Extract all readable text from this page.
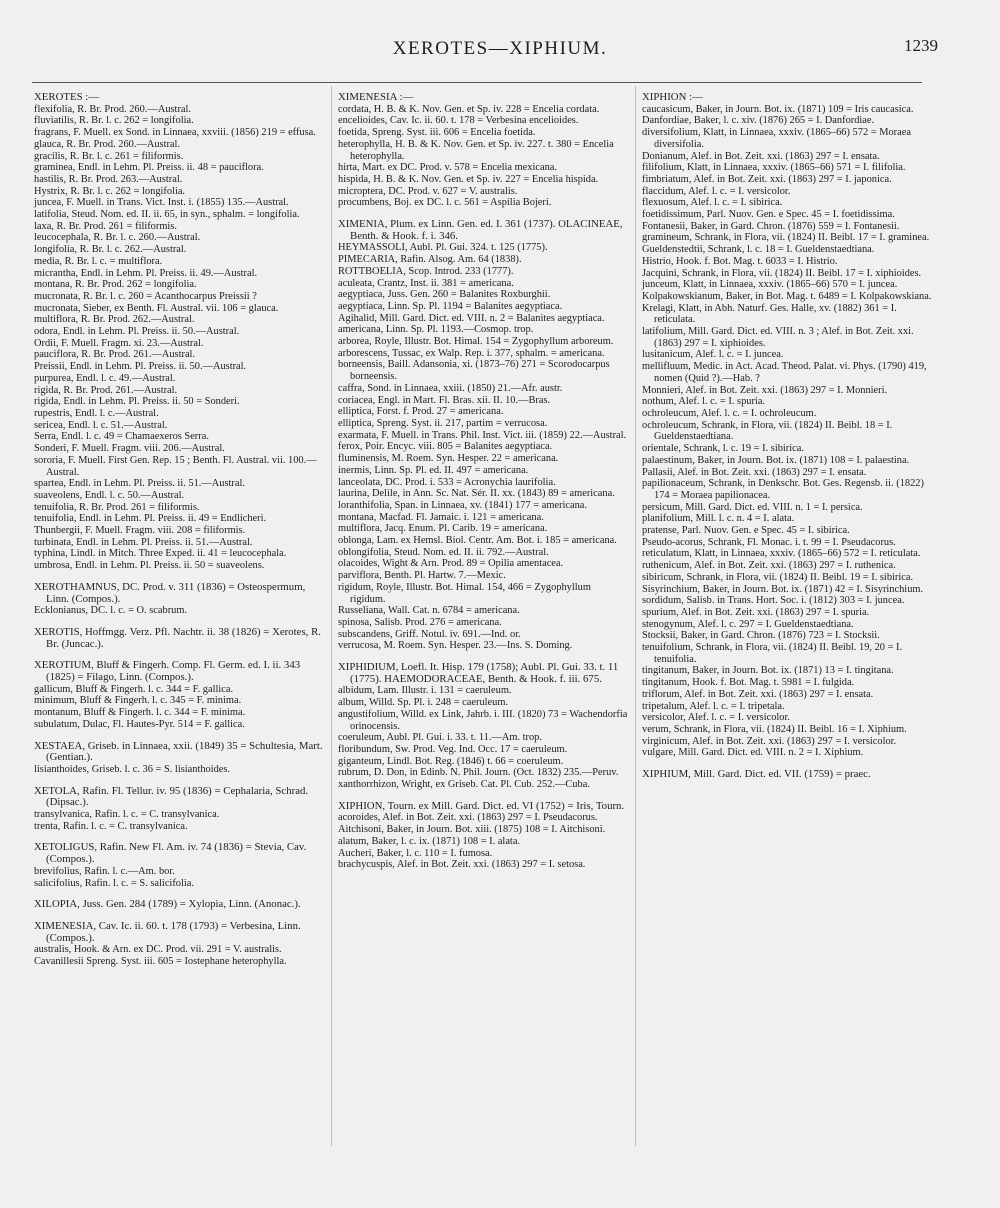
XEROTES—XIPHIUM.	1239

XEROTES :—

flexifolia, R. Br. Prod. 260.—Austral.

fluviatilis, R. Br. l. c. 262 = longifolia.

fragrans, F. Muell. ex Sond. in Linnaea, xxviii. (1856) 219 = effusa.

glauca, R. Br. Prod. 260.—Austral.

gracilis, R. Br. l. c. 261 = filiformis.

graminea, Endl. in Lehm. Pl. Preiss. ii. 48 = pauciflora.

hastilis, R. Br. Prod. 263.—Austral.

Hystrix, R. Br. l. c. 262 = longifolia.

juncea, F. Muell. in Trans. Vict. Inst. i. (1855) 135.—Austral.

latifolia, Steud. Nom. ed. II. ii. 65, in syn., sphalm. = longifolia.

laxa, R. Br. Prod. 261 = filiformis.

leucocephala, R. Br. l. c. 260.—Austral.

longifolia, R. Br. l. c. 262.—Austral.

media, R. Br. l. c. = multiflora.

micrantha, Endl. in Lehm. Pl. Preiss. ii. 49.—Austral.

montana, R. Br. Prod. 262 = longifolia.

mucronata, R. Br. l. c. 260 = Acanthocarpus Preissii ?

mucronata, Sieber, ex Benth. Fl. Austral. vii. 106 = glauca.

multiflora, R. Br. Prod. 262.—Austral.

odora, Endl. in Lehm. Pl. Preiss. ii. 50.—Austral.

Ordii, F. Muell. Fragm. xi. 23.—Austral.

pauciflora, R. Br. Prod. 261.—Austral.

Preissii, Endl. in Lehm. Pl. Preiss. ii. 50.—Austral.

purpurea, Endl. l. c. 49.—Austral.

rigida, R. Br. Prod. 261.—Austral.

rigida, Endl. in Lehm. Pl. Preiss. ii. 50 = Sonderi.

rupestris, Endl. l. c.—Austral.

sericea, Endl. l. c. 51.—Austral.

Serra, Endl. l. c. 49 = Chamaexeros Serra.

Sonderi, F. Muell. Fragm. viii. 206.—Austral.

sororia, F. Muell. First Gen. Rep. 15 ; Benth. Fl. Austral. vii. 100.—Austral.

spartea, Endl. in Lehm. Pl. Preiss. ii. 51.—Austral.

suaveolens, Endl. l. c. 50.—Austral.

tenuifolia, R. Br. Prod. 261 = filiformis.

tenuifolia, Endl. in Lehm. Pl. Preiss. ii. 49 = Endlicheri.

Thunbergii, F. Muell. Fragm. viii. 208 = filiformis.

turbinata, Endl. in Lehm. Pl. Preiss. ii. 51.—Austral.

typhina, Lindl. in Mitch. Three Exped. ii. 41 = leucocephala.

umbrosa, Endl. in Lehm. Pl. Preiss. ii. 50 = suaveolens.

XEROTHAMNUS, DC. Prod. v. 311 (1836) = Osteospermum, Linn. (Compos.).

Ecklonianus, DC. l. c. = O. scabrum.

XEROTIS, Hoffmgg. Verz. Pfl. Nachtr. ii. 38 (1826) = Xerotes, R. Br. (Juncac.).

XEROTIUM, Bluff & Fingerh. Comp. Fl. Germ. ed. I. ii. 343 (1825) = Filago, Linn. (Compos.).

gallicum, Bluff & Fingerh. l. c. 344 = F. gallica.

minimum, Bluff & Fingerh. l. c. 345 = F. minima.

montanum, Bluff & Fingerh. l. c. 344 = F. minima.

subulatum, Dulac, Fl. Hautes-Pyr. 514 = F. gallica.

XESTAEA, Griseb. in Linnaea, xxii. (1849) 35 = Schultesia, Mart. (Gentian.).

lisianthoides, Griseb. l. c. 36 = S. lisianthoides.

XETOLA, Rafin. Fl. Tellur. iv. 95 (1836) = Cephalaria, Schrad. (Dipsac.).

transylvanica, Rafin. l. c. = C. transylvanica.

trenta, Rafin. l. c. = C. transylvanica.

XETOLIGUS, Rafin. New Fl. Am. iv. 74 (1836) = Stevia, Cav. (Compos.).

brevifolius, Rafin. l. c.—Am. bor.

salicifolius, Rafin. l. c. = S. salicifolia.

XILOPIA, Juss. Gen. 284 (1789) = Xylopia, Linn. (Anonac.).

XIMENESIA, Cav. Ic. ii. 60. t. 178 (1793) = Verbesina, Linn. (Compos.).

australis, Hook. & Arn. ex DC. Prod. vii. 291 = V. australis.

Cavanillesii Spreng. Syst. iii. 605 = Iostephane heterophylla.

XIMENESIA :—

cordata, H. B. & K. Nov. Gen. et Sp. iv. 228 = Encelia cordata.

encelioides, Cav. Ic. ii. 60. t. 178 = Verbesina encelioides.

foetida, Spreng. Syst. iii. 606 = Encelia foetida.

heterophylla, H. B. & K. Nov. Gen. et Sp. iv. 227. t. 380 = Encelia heterophylla.

hirta, Mart. ex DC. Prod. v. 578 = Encelia mexicana.

hispida, H. B. & K. Nov. Gen. et Sp. iv. 227 = Encelia hispida.

microptera, DC. Prod. v. 627 = V. australis.

procumbens, Boj. ex DC. l. c. 561 = Aspilia Bojeri.

XIMENIA, Plum. ex Linn. Gen. ed. I. 361 (1737). OLACINEAE, Benth. & Hook. f. i. 346.

HEYMASSOLI, Aubl. Pl. Gui. 324. t. 125 (1775).

PIMECARIA, Rafin. Alsog. Am. 64 (1838).

ROTTBOELIA, Scop. Introd. 233 (1777).

aculeata, Crantz, Inst. ii. 381 = americana.

aegyptiaca, Juss. Gen. 260 = Balanites Roxburghii.

aegyptiaca, Linn. Sp. Pl. 1194 = Balanites aegyptiaca.

Agihalid, Mill. Gard. Dict. ed. VIII. n. 2 = Balanites aegyptiaca.

americana, Linn. Sp. Pl. 1193.—Cosmop. trop.

arborea, Royle, Illustr. Bot. Himal. 154 = Zygophyllum arboreum.

arborescens, Tussac, ex Walp. Rep. i. 377, sphalm. = americana.

borneensis, Baill. Adansonia, xi. (1873–76) 271 = Scorodocarpus borneensis.

caffra, Sond. in Linnaea, xxiii. (1850) 21.—Afr. austr.

coriacea, Engl. in Mart. Fl. Bras. xii. II. 10.—Bras.

elliptica, Forst. f. Prod. 27 = americana.

elliptica, Spreng. Syst. ii. 217, partim = verrucosa.

exarmata, F. Muell. in Trans. Phil. Inst. Vict. iii. (1859) 22.—Austral.

ferox, Poir. Encyc. viii. 805 = Balanites aegyptiaca.

fluminensis, M. Roem. Syn. Hesper. 22 = americana.

inermis, Linn. Sp. Pl. ed. II. 497 = americana.

lanceolata, DC. Prod. i. 533 = Acronychia laurifolia.

laurina, Delile, in Ann. Sc. Nat. Sér. II. xx. (1843) 89 = americana.

loranthifolia, Span. in Linnaea, xv. (1841) 177 = americana.

montana, Macfad. Fl. Jamaic. i. 121 = americana.

multiflora, Jacq. Enum. Pl. Carib. 19 = americana.

oblonga, Lam. ex Hemsl. Biol. Centr. Am. Bot. i. 185 = americana.

oblongifolia, Steud. Nom. ed. II. ii. 792.—Austral.

olacoides, Wight & Arn. Prod. 89 = Opilia amentacea.

parviflora, Benth. Pl. Hartw. 7.—Mexic.

rigidum, Royle, Illustr. Bot. Himal. 154, 466 = Zygophyllum rigidum.

Russeliana, Wall. Cat. n. 6784 = americana.

spinosa, Salisb. Prod. 276 = americana.

subscandens, Griff. Notul. iv. 691.—Ind. or.

verrucosa, M. Roem. Syn. Hesper. 23.—Ins. S. Doming.

XIPHIDIUM, Loefl. It. Hisp. 179 (1758); Aubl. Pl. Gui. 33. t. 11 (1775). HAEMODORACEAE, Benth. & Hook. f. iii. 675.

albidum, Lam. Illustr. i. 131 = caeruleum.

album, Willd. Sp. Pl. i. 248 = caeruleum.

angustifolium, Willd. ex Link, Jahrb. i. III. (1820) 73 = Wachendorfia orinocensis.

coeruleum, Aubl. Pl. Gui. i. 33. t. 11.—Am. trop.

floribundum, Sw. Prod. Veg. Ind. Occ. 17 = caeruleum.

giganteum, Lindl. Bot. Reg. (1846) t. 66 = coeruleum.

rubrum, D. Don, in Edinb. N. Phil. Journ. (Oct. 1832) 235.—Peruv.

xanthorrhizon, Wright, ex Griseb. Cat. Pl. Cub. 252.—Cuba.

XIPHION, Tourn. ex Mill. Gard. Dict. ed. VI (1752) = Iris, Tourn.

acoroides, Alef. in Bot. Zeit. xxi. (1863) 297 = I. Pseudacorus.

Aitchisoni, Baker, in Journ. Bot. xiii. (1875) 108 = I. Aitchisoni.

alatum, Baker, l. c. ix. (1871) 108 = I. alata.

Aucheri, Baker, l. c. 110 = I. fumosa.

brachycuspis, Alef. in Bot. Zeit. xxi. (1863) 297 = I. setosa.

XIPHION :—

caucasicum, Baker, in Journ. Bot. ix. (1871) 109 = Iris caucasica.

Danfordiae, Baker, l. c. xiv. (1876) 265 = I. Danfordiae.

diversifolium, Klatt, in Linnaea, xxxiv. (1865–66) 572 = Moraea diversifolia.

Donianum, Alef. in Bot. Zeit. xxi. (1863) 297 = I. ensata.

filifolium, Klatt, in Linnaea, xxxiv. (1865–66) 571 = I. filifolia.

fimbriatum, Alef. in Bot. Zeit. xxi. (1863) 297 = I. japonica.

flaccidum, Alef. l. c. = I. versicolor.

flexuosum, Alef. l. c. = I. sibirica.

foetidissimum, Parl. Nuov. Gen. e Spec. 45 = I. foetidissima.

Fontanesii, Baker, in Gard. Chron. (1876) 559 = I. Fontanesii.

gramineum, Schrank, in Flora, vii. (1824) II. Beibl. 17 = I. graminea.

Gueldenstedtii, Schrank, l. c. 18 = I. Gueldenstaedtiana.

Histrio, Hook. f. Bot. Mag. t. 6033 = I. Histrio.

Jacquini, Schrank, in Flora, vii. (1824) II. Beibl. 17 = I. xiphioides.

junceum, Klatt, in Linnaea, xxxiv. (1865–66) 570 = I. juncea.

Kolpakowskianum, Baker, in Bot. Mag. t. 6489 = I. Kolpakowskiana.

Krelagi, Klatt, in Abh. Naturf. Ges. Halle, xv. (1882) 361 = I. reticulata.

latifolium, Mill. Gard. Dict. ed. VIII. n. 3 ; Alef. in Bot. Zeit. xxi. (1863) 297 = I. xiphioides.

lusitanicum, Alef. l. c. = I. juncea.

mellifluum, Medic. in Act. Acad. Theod. Palat. vi. Phys. (1790) 419, nomen (Quid ?).—Hab. ?

Monnieri, Alef. in Bot. Zeit. xxi. (1863) 297 = I. Monnieri.

nothum, Alef. l. c. = I. spuria.

ochroleucum, Alef. l. c. = I. ochroleucum.

ochroleucum, Schrank, in Flora, vii. (1824) II. Beibl. 18 = I. Gueldenstaedtiana.

orientale, Schrank, l. c. 19 = I. sibirica.

palaestinum, Baker, in Journ. Bot. ix. (1871) 108 = I. palaestina.

Pallasii, Alef. in Bot. Zeit. xxi. (1863) 297 = I. ensata.

papilionaceum, Schrank, in Denkschr. Bot. Ges. Regensb. ii. (1822) 174 = Moraea papilionacea.

persicum, Mill. Gard. Dict. ed. VIII. n. 1 = I. persica.

planifolium, Mill. l. c. n. 4 = I. alata.

pratense, Parl. Nuov. Gen. e Spec. 45 = I. sibirica.

Pseudo-acorus, Schrank, Fl. Monac. i. t. 99 = I. Pseudacorus.

reticulatum, Klatt, in Linnaea, xxxiv. (1865–66) 572 = I. reticulata.

ruthenicum, Alef. in Bot. Zeit. xxi. (1863) 297 = I. ruthenica.

sibiricum, Schrank, in Flora, vii. (1824) II. Beibl. 19 = I. sibirica.

Sisyrinchium, Baker, in Journ. Bot. ix. (1871) 42 = I. Sisyrinchium.

sordidum, Salisb. in Trans. Hort. Soc. i. (1812) 303 = I. juncea.

spurium, Alef. in Bot. Zeit. xxi. (1863) 297 = I. spuria.

stenogynum, Alef. l. c. 297 = I. Gueldenstaedtiana.

Stocksii, Baker, in Gard. Chron. (1876) 723 = I. Stocksii.

tenuifolium, Schrank, in Flora, vii. (1824) II. Beibl. 19, 20 = I. tenuifolia.

tingitanum, Baker, in Journ. Bot. ix. (1871) 13 = I. tingitana.

tingitanum, Hook. f. Bot. Mag. t. 5981 = I. fulgida.

triflorum, Alef. in Bot. Zeit. xxi. (1863) 297 = I. ensata.

tripetalum, Alef. l. c. = I. tripetala.

versicolor, Alef. l. c. = I. versicolor.

verum, Schrank, in Flora, vii. (1824) II. Beibl. 16 = I. Xiphium.

virginicum, Alef. in Bot. Zeit. xxi. (1863) 297 = I. versicolor.

vulgare, Mill. Gard. Dict. ed. VIII. n. 2 = I. Xiphium.

XIPHIUM, Mill. Gard. Dict. ed. VII. (1759) = praec.
